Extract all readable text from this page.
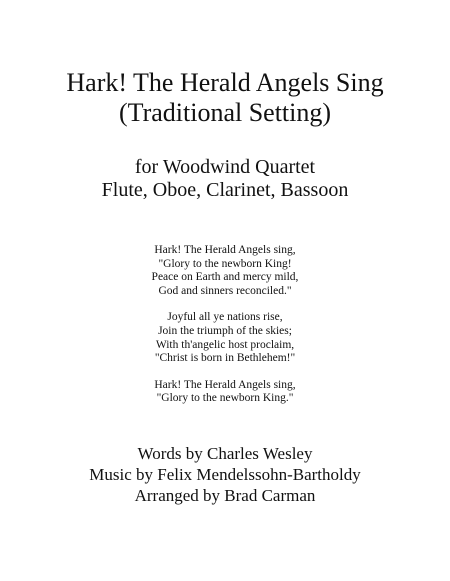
Hark! The Herald Angels Sing
(Traditional Setting)
for Woodwind Quartet
Flute, Oboe, Clarinet, Bassoon
Hark! The Herald Angels sing,
"Glory to the newborn King!
Peace on Earth and mercy mild,
God and sinners reconciled."
Joyful all ye nations rise,
Join the triumph of the skies;
With th'angelic host proclaim,
"Christ is born in Bethlehem!"
Hark! The Herald Angels sing,
"Glory to the newborn King."
Words by Charles Wesley
Music by Felix Mendelssohn-Bartholdy
Arranged by Brad Carman
